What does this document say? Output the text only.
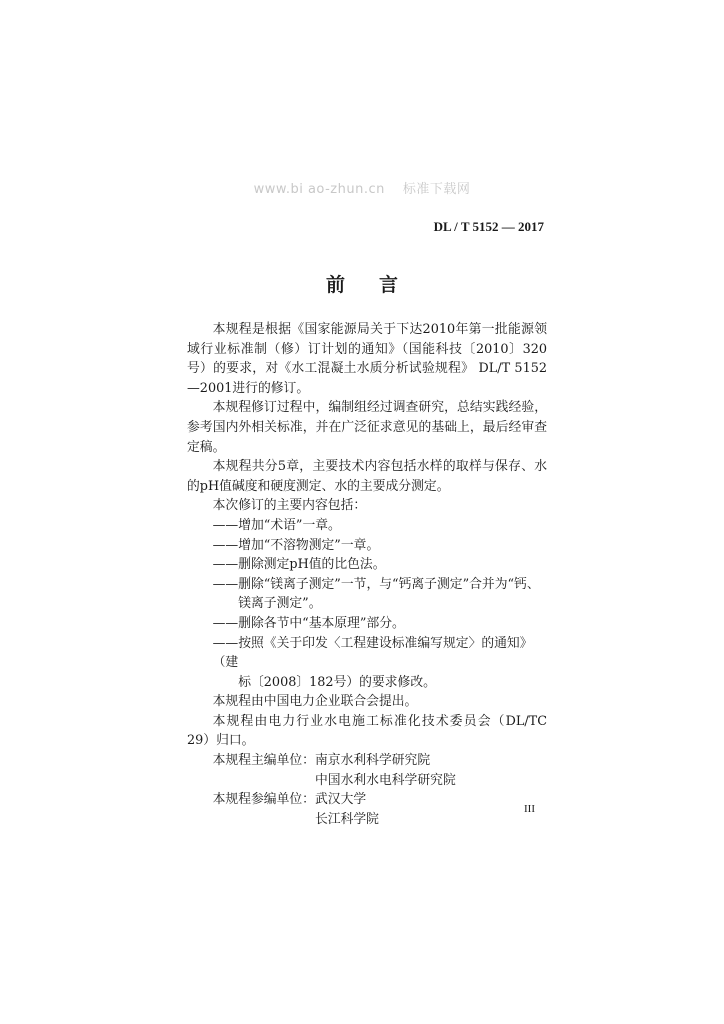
www.bi ao-zhun.cn 标准下载网
DL / T 5152 — 2017
前 言

本规程是根据《国家能源局关于下达2010年第一批能源领域行业标准制（修）订计划的通知》（国能科技〔2010〕320号）的要求，对《水工混凝土水质分析试验规程》 DL/T 5152—2001进行的修订。

本规程修订过程中，编制组经过调查研究，总结实践经验，参考国内外相关标准，并在广泛征求意见的基础上，最后经审查定稿。

本规程共分5章，主要技术内容包括水样的取样与保存、水的pH值碱度和硬度测定、水的主要成分测定。

本次修订的主要内容包括：

——增加“术语”一章。

——增加“不溶物测定”一章。

——删除测定pH值的比色法。

——删除“镁离子测定”一节，与“钙离子测定”合并为“钙、
镁离子测定”。

——删除各节中“基本原理”部分。

——按照《关于印发〈工程建设标准编写规定〉的通知》（建
标〔2008〕182号）的要求修改。

本规程由中国电力企业联合会提出。

本规程由电力行业水电施工标准化技术委员会（DL/TC 29）归口。

本规程主编单位： 南京水利科学研究院
中国水利水电科学研究院
本规程参编单位： 武汉大学
长江科学院
III
